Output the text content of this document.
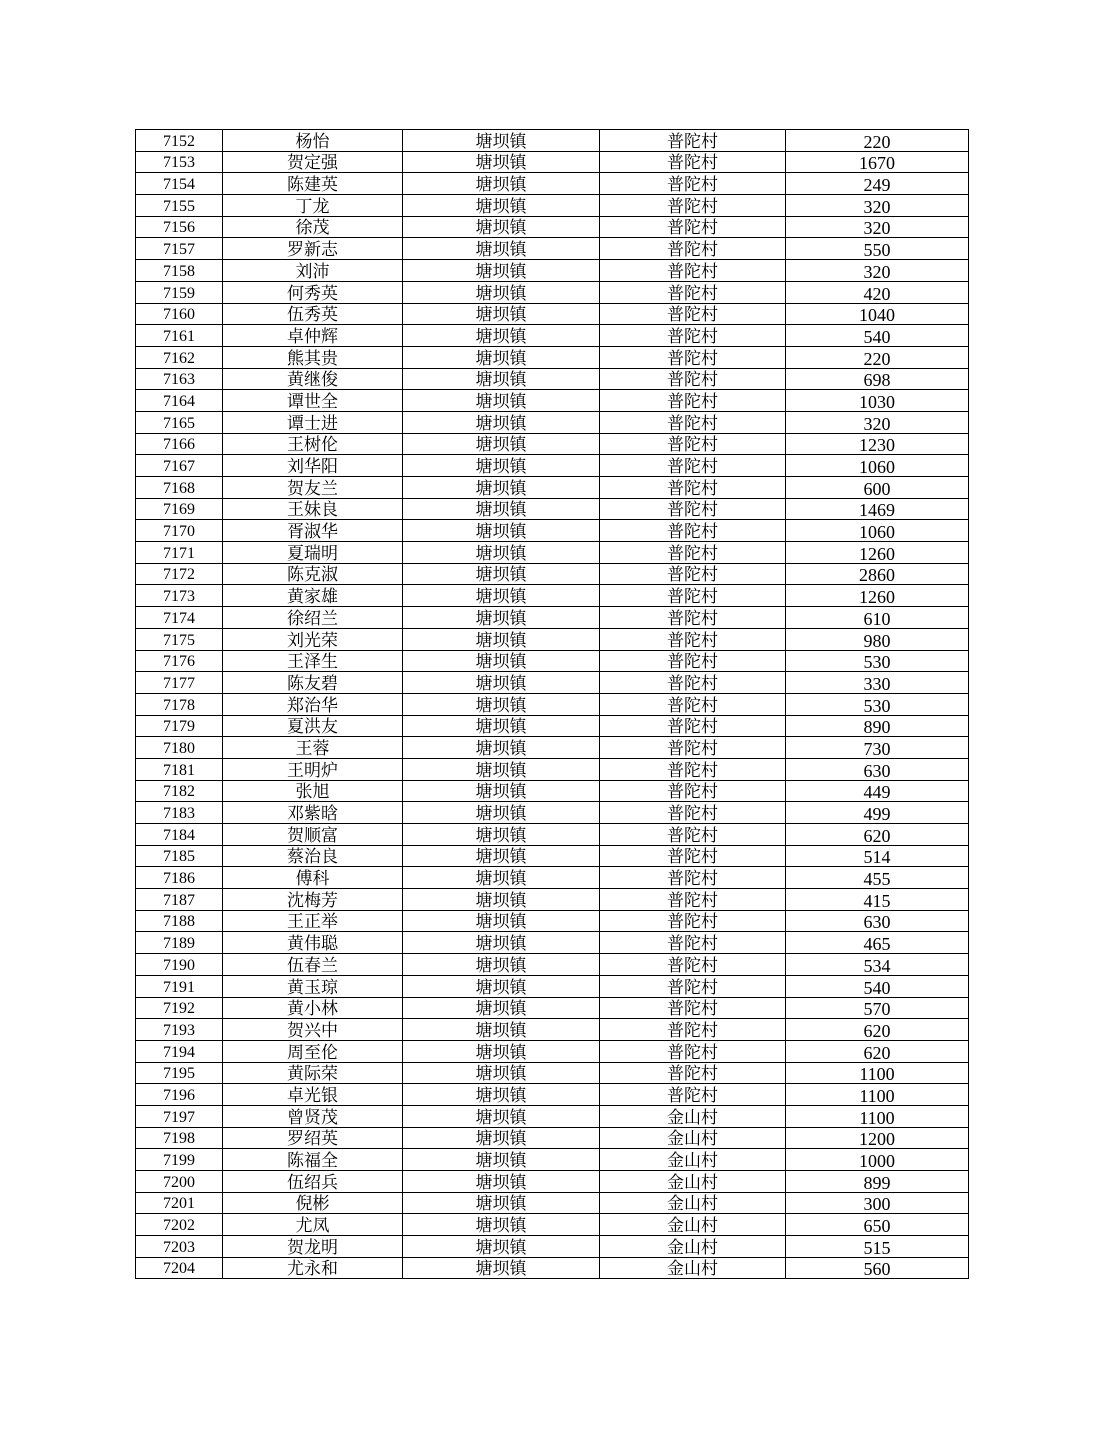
7152	杨怡	塘坝镇	普陀村	220
7153	贺定强	塘坝镇	普陀村	1670
7154	陈建英	塘坝镇	普陀村	249
7155	丁龙	塘坝镇	普陀村	320
7156	徐茂	塘坝镇	普陀村	320
7157	罗新志	塘坝镇	普陀村	550
7158	刘沛	塘坝镇	普陀村	320
7159	何秀英	塘坝镇	普陀村	420
7160	伍秀英	塘坝镇	普陀村	1040
7161	卓仲辉	塘坝镇	普陀村	540
7162	熊其贵	塘坝镇	普陀村	220
7163	黄继俊	塘坝镇	普陀村	698
7164	谭世全	塘坝镇	普陀村	1030
7165	谭士进	塘坝镇	普陀村	320
7166	王树伦	塘坝镇	普陀村	1230
7167	刘华阳	塘坝镇	普陀村	1060
7168	贺友兰	塘坝镇	普陀村	600
7169	王妹良	塘坝镇	普陀村	1469
7170	胥淑华	塘坝镇	普陀村	1060
7171	夏瑞明	塘坝镇	普陀村	1260
7172	陈克淑	塘坝镇	普陀村	2860
7173	黄家雄	塘坝镇	普陀村	1260
7174	徐绍兰	塘坝镇	普陀村	610
7175	刘光荣	塘坝镇	普陀村	980
7176	王泽生	塘坝镇	普陀村	530
7177	陈友碧	塘坝镇	普陀村	330
7178	郑治华	塘坝镇	普陀村	530
7179	夏洪友	塘坝镇	普陀村	890
7180	王蓉	塘坝镇	普陀村	730
7181	王明炉	塘坝镇	普陀村	630
7182	张旭	塘坝镇	普陀村	449
7183	邓紫晗	塘坝镇	普陀村	499
7184	贺顺富	塘坝镇	普陀村	620
7185	蔡治良	塘坝镇	普陀村	514
7186	傅科	塘坝镇	普陀村	455
7187	沈梅芳	塘坝镇	普陀村	415
7188	王正举	塘坝镇	普陀村	630
7189	黄伟聪	塘坝镇	普陀村	465
7190	伍春兰	塘坝镇	普陀村	534
7191	黄玉琼	塘坝镇	普陀村	540
7192	黄小林	塘坝镇	普陀村	570
7193	贺兴中	塘坝镇	普陀村	620
7194	周至伦	塘坝镇	普陀村	620
7195	黄际荣	塘坝镇	普陀村	1100
7196	卓光银	塘坝镇	普陀村	1100
7197	曾贤茂	塘坝镇	金山村	1100
7198	罗绍英	塘坝镇	金山村	1200
7199	陈福全	塘坝镇	金山村	1000
7200	伍绍兵	塘坝镇	金山村	899
7201	倪彬	塘坝镇	金山村	300
7202	尤凤	塘坝镇	金山村	650
7203	贺龙明	塘坝镇	金山村	515
7204	尤永和	塘坝镇	金山村	560
